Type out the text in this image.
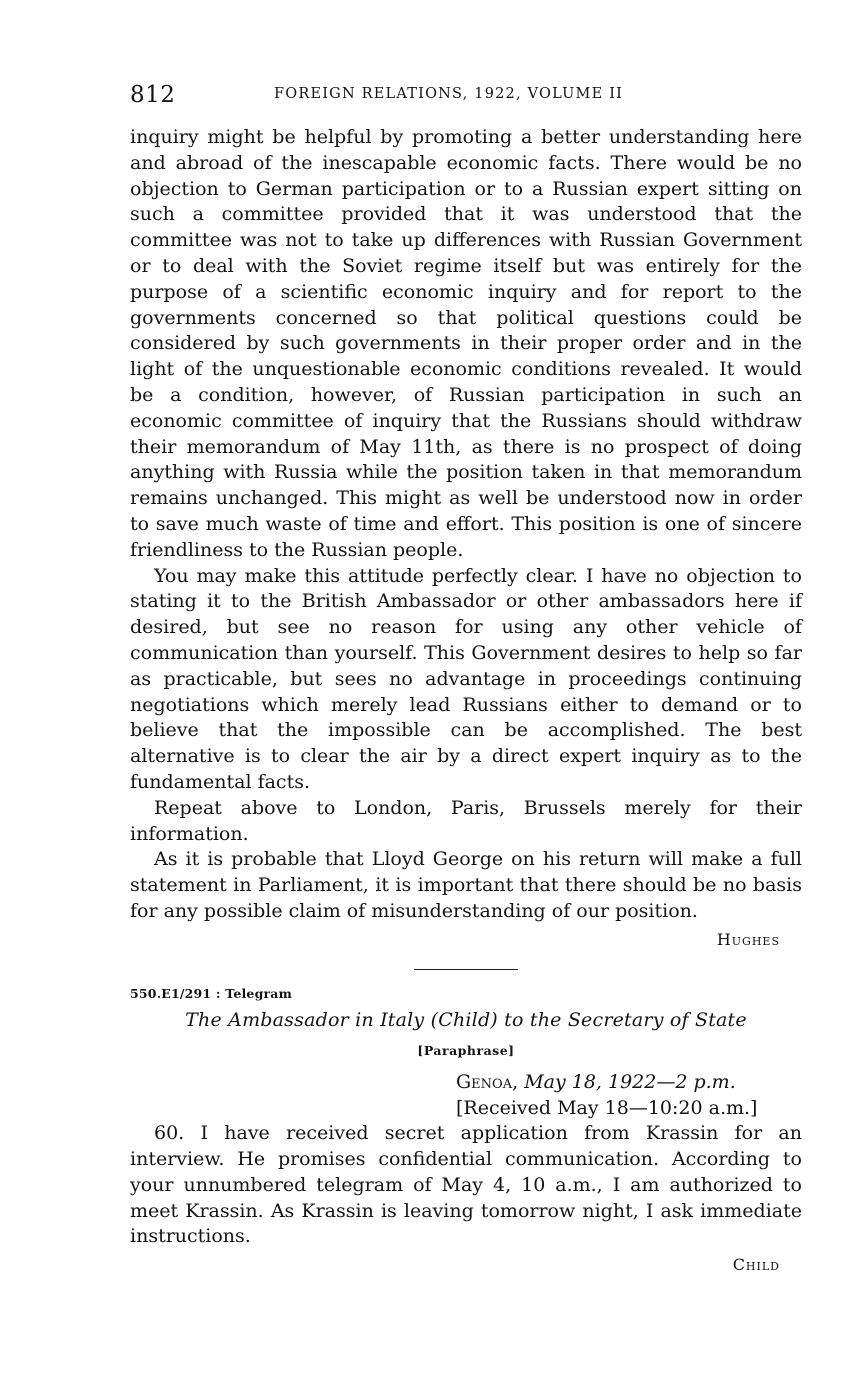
812	FOREIGN RELATIONS, 1922, VOLUME II

inquiry might be helpful by promoting a better understanding here and abroad of the inescapable economic facts. There would be no objection to German participation or to a Russian expert sitting on such a committee provided that it was understood that the committee was not to take up differences with Russian Government or to deal with the Soviet regime itself but was entirely for the purpose of a scientific economic inquiry and for report to the governments concerned so that political questions could be considered by such governments in their proper order and in the light of the unquestionable economic conditions revealed. It would be a condition, however, of Russian participation in such an economic committee of inquiry that the Russians should withdraw their memorandum of May 11th, as there is no prospect of doing anything with Russia while the position taken in that memorandum remains unchanged. This might as well be understood now in order to save much waste of time and effort. This position is one of sincere friendliness to the Russian people.

You may make this attitude perfectly clear. I have no objection to stating it to the British Ambassador or other ambassadors here if desired, but see no reason for using any other vehicle of communication than yourself. This Government desires to help so far as practicable, but sees no advantage in proceedings continuing negotiations which merely lead Russians either to demand or to believe that the impossible can be accomplished. The best alternative is to clear the air by a direct expert inquiry as to the fundamental facts.

Repeat above to London, Paris, Brussels merely for their information.

As it is probable that Lloyd George on his return will make a full statement in Parliament, it is important that there should be no basis for any possible claim of misunderstanding of our position.

Hughes
550.E1/291 : Telegram
The Ambassador in Italy (Child) to the Secretary of State
[Paraphrase]
Genoa, May 18, 1922—2 p.m.
[Received May 18—10:20 a.m.]

60. I have received secret application from Krassin for an interview. He promises confidential communication. According to your unnumbered telegram of May 4, 10 a.m., I am authorized to meet Krassin. As Krassin is leaving tomorrow night, I ask immediate instructions.

Child
